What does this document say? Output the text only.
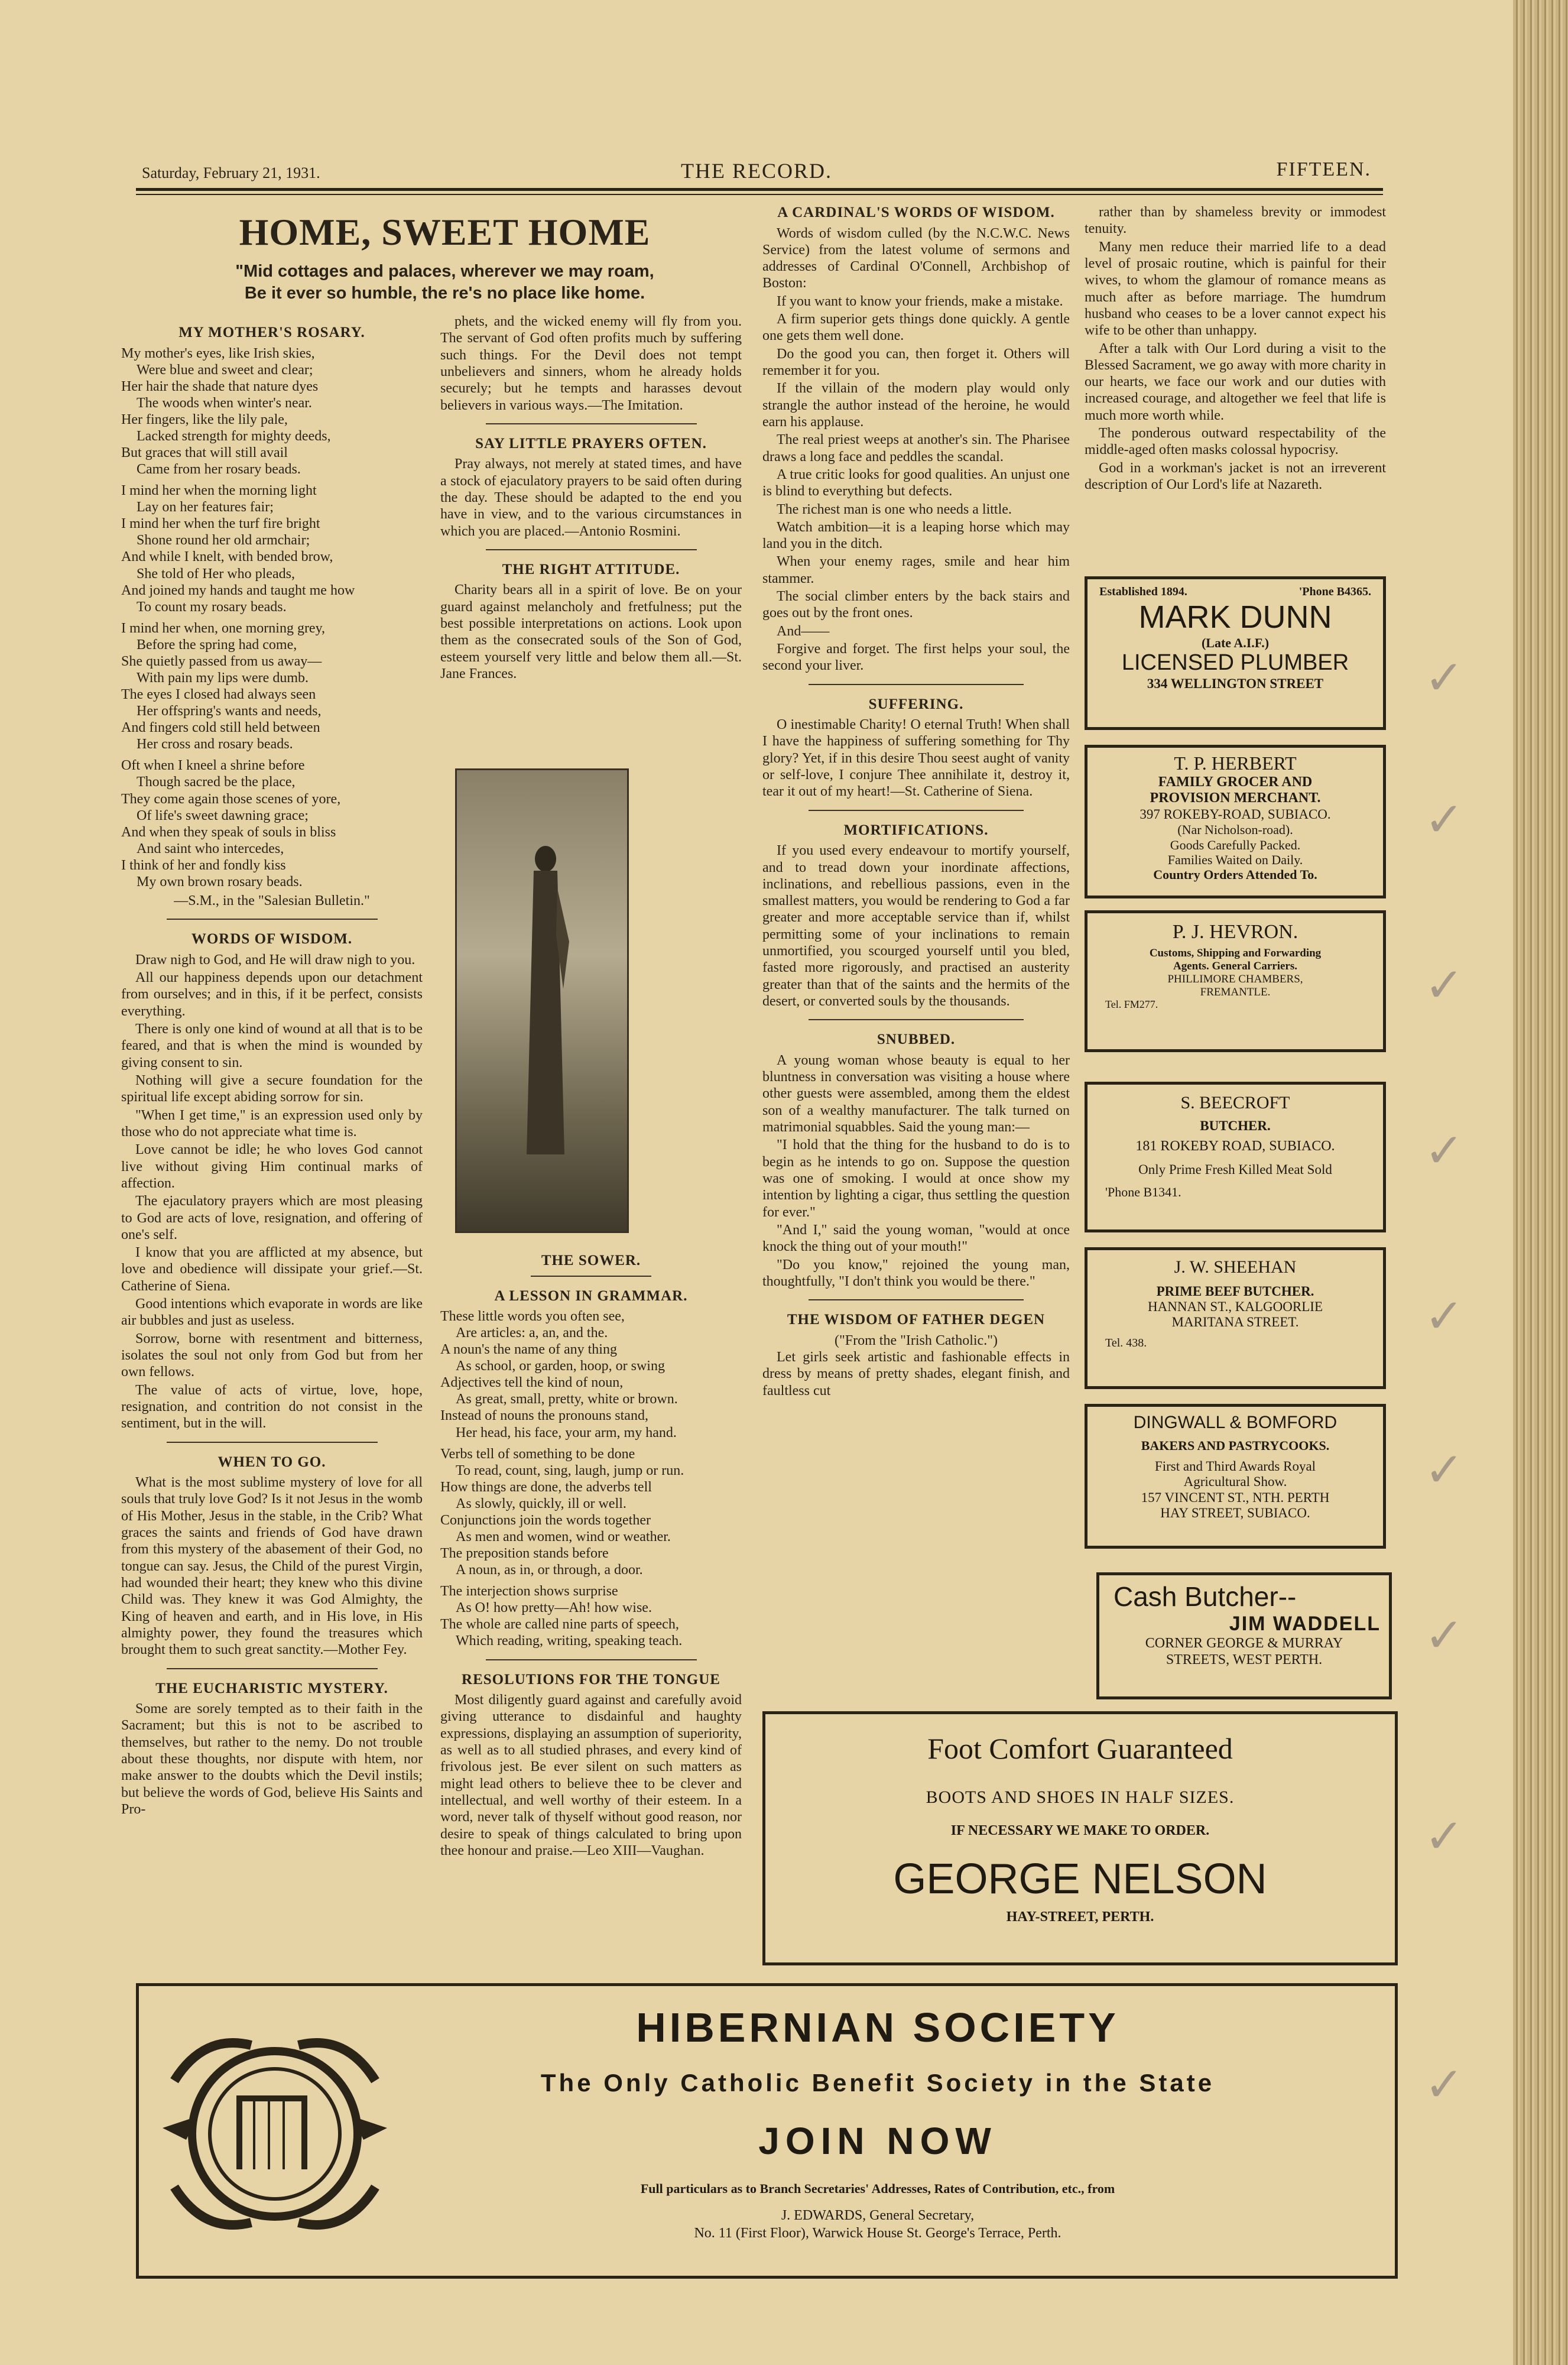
Saturday, February 21, 1931.	THE RECORD.	FIFTEEN.
HOME, SWEET HOME
"Mid cottages and palaces, wherever we may roam,
Be it ever so humble, the re's no place like home.
MY MOTHER'S ROSARY.
My mother's eyes, like Irish skies,
Were blue and sweet and clear;
Her hair the shade that nature dyes
The woods when winter's near.
Her fingers, like the lily pale,
Lacked strength for mighty deeds,
But graces that will still avail
Came from her rosary beads.
I mind her when the morning light
Lay on her features fair;
I mind her when the turf fire bright
Shone round her old armchair;
And while I knelt, with bended brow,
She told of Her who pleads,
And joined my hands and taught me how
To count my rosary beads.
I mind her when, one morning grey,
Before the spring had come,
She quietly passed from us away—
With pain my lips were dumb.
The eyes I closed had always seen
Her offspring's wants and needs,
And fingers cold still held between
Her cross and rosary beads.
Oft when I kneel a shrine before
Though sacred be the place,
They come again those scenes of yore,
Of life's sweet dawning grace;
And when they speak of souls in bliss
And saint who intercedes,
I think of her and fondly kiss
My own brown rosary beads.
—S.M., in the "Salesian Bulletin."
WORDS OF WISDOM.

Draw nigh to God, and He will draw nigh to you.

All our happiness depends upon our detachment from ourselves; and in this, if it be perfect, consists everything.

There is only one kind of wound at all that is to be feared, and that is when the mind is wounded by giving consent to sin.

Nothing will give a secure foundation for the spiritual life except abiding sorrow for sin.

"When I get time," is an expression used only by those who do not appreciate what time is.

Love cannot be idle; he who loves God cannot live without giving Him continual marks of affection.

The ejaculatory prayers which are most pleasing to God are acts of love, resignation, and offering of one's self.

I know that you are afflicted at my absence, but love and obedience will dissipate your grief.—St. Catherine of Siena.

Good intentions which evaporate in words are like air bubbles and just as useless.

Sorrow, borne with resentment and bitterness, isolates the soul not only from God but from her own fellows.

The value of acts of virtue, love, hope, resignation, and contrition do not consist in the sentiment, but in the will.

WHEN TO GO.

What is the most sublime mystery of love for all souls that truly love God? Is it not Jesus in the womb of His Mother, Jesus in the stable, in the Crib? What graces the saints and friends of God have drawn from this mystery of the abasement of their God, no tongue can say. Jesus, the Child of the purest Virgin, had wounded their heart; they knew who this divine Child was. They knew it was God Almighty, the King of heaven and earth, and in His love, in His almighty power, they found the treasures which brought them to such great sanctity.—Mother Fey.

THE EUCHARISTIC MYSTERY.

Some are sorely tempted as to their faith in the Sacrament; but this is not to be ascribed to themselves, but rather to the nemy. Do not trouble about these thoughts, nor dispute with htem, nor make answer to the doubts which the Devil instils; but believe the words of God, believe His Saints and Pro-

phets, and the wicked enemy will fly from you. The servant of God often profits much by suffering such things. For the Devil does not tempt unbelievers and sinners, whom he already holds securely; but he tempts and harasses devout believers in various ways.—The Imitation.

SAY LITTLE PRAYERS OFTEN.

Pray always, not merely at stated times, and have a stock of ejaculatory prayers to be said often during the day. These should be adapted to the end you have in view, and to the various circumstances in which you are placed.—Antonio Rosmini.

THE RIGHT ATTITUDE.

Charity bears all in a spirit of love. Be on your guard against melancholy and fretfulness; put the best possible interpretations on actions. Look upon them as the consecrated souls of the Son of God, esteem yourself very little and below them all.—St. Jane Frances.

THE SOWER.
A LESSON IN GRAMMAR.
These little words you often see,
Are articles: a, an, and the.
A noun's the name of any thing
As school, or garden, hoop, or swing
Adjectives tell the kind of noun,
As great, small, pretty, white or brown.
Instead of nouns the pronouns stand,
Her head, his face, your arm, my hand.
Verbs tell of something to be done
To read, count, sing, laugh, jump or run.
How things are done, the adverbs tell
As slowly, quickly, ill or well.
Conjunctions join the words together
As men and women, wind or weather.
The preposition stands before
A noun, as in, or through, a door.
The interjection shows surprise
As O! how pretty—Ah! how wise.
The whole are called nine parts of speech,
Which reading, writing, speaking teach.
RESOLUTIONS FOR THE TONGUE

Most diligently guard against and carefully avoid giving utterance to disdainful and haughty expressions, displaying an assumption of superiority, as well as to all studied phrases, and every kind of frivolous jest. Be ever silent on such matters as might lead others to believe thee to be clever and intellectual, and well worthy of their esteem. In a word, never talk of thyself without good reason, nor desire to speak of things calculated to bring upon thee honour and praise.—Leo XIII—Vaughan.

A CARDINAL'S WORDS OF WISDOM.

Words of wisdom culled (by the N.C.W.C. News Service) from the latest volume of sermons and addresses of Cardinal O'Connell, Archbishop of Boston:

If you want to know your friends, make a mistake.

A firm superior gets things done quickly. A gentle one gets them well done.

Do the good you can, then forget it. Others will remember it for you.

If the villain of the modern play would only strangle the author instead of the heroine, he would earn his applause.

The real priest weeps at another's sin. The Pharisee draws a long face and peddles the scandal.

A true critic looks for good qualities. An unjust one is blind to everything but defects.

The richest man is one who needs a little.

Watch ambition—it is a leaping horse which may land you in the ditch.

When your enemy rages, smile and hear him stammer.

The social climber enters by the back stairs and goes out by the front ones.

And——

Forgive and forget. The first helps your soul, the second your liver.

SUFFERING.

O inestimable Charity! O eternal Truth! When shall I have the happiness of suffering something for Thy glory? Yet, if in this desire Thou seest aught of vanity or self-love, I conjure Thee annihilate it, destroy it, tear it out of my heart!—St. Catherine of Siena.

MORTIFICATIONS.

If you used every endeavour to mortify yourself, and to tread down your inordinate affections, inclinations, and rebellious passions, even in the smallest matters, you would be rendering to God a far greater and more acceptable service than if, whilst permitting some of your inclinations to remain unmortified, you scourged yourself until you bled, fasted more rigorously, and practised an austerity greater than that of the saints and the hermits of the desert, or converted souls by the thousands.

SNUBBED.

A young woman whose beauty is equal to her bluntness in conversation was visiting a house where other guests were assembled, among them the eldest son of a wealthy manufacturer. The talk turned on matrimonial squabbles. Said the young man:—

"I hold that the thing for the husband to do is to begin as he intends to go on. Suppose the question was one of smoking. I would at once show my intention by lighting a cigar, thus settling the question for ever."

"And I," said the young woman, "would at once knock the thing out of your mouth!"

"Do you know," rejoined the young man, thoughtfully, "I don't think you would be there."

THE WISDOM OF FATHER DEGEN
("From the "Irish Catholic.")

Let girls seek artistic and fashionable effects in dress by means of pretty shades, elegant finish, and faultless cut

rather than by shameless brevity or immodest tenuity.

Many men reduce their married life to a dead level of prosaic routine, which is painful for their wives, to whom the glamour of romance means as much after as before marriage. The humdrum husband who ceases to be a lover cannot expect his wife to be other than unhappy.

After a talk with Our Lord during a visit to the Blessed Sacrament, we go away with more charity in our hearts, we face our work and our duties with increased courage, and altogether we feel that life is much more worth while.

The ponderous outward respectability of the middle-aged often masks colossal hypocrisy.

God in a workman's jacket is not an irreverent description of Our Lord's life at Nazareth.

Established 1894.	'Phone B4365.
MARK DUNN
(Late A.I.F.)
LICENSED PLUMBER
334 WELLINGTON STREET
T. P. HERBERT
FAMILY GROCER AND
PROVISION MERCHANT.
397 ROKEBY-ROAD, SUBIACO.
(Nar Nicholson-road).
Goods Carefully Packed.
Families Waited on Daily.
Country Orders Attended To.
P. J. HEVRON.
Customs, Shipping and Forwarding
Agents. General Carriers.
PHILLIMORE CHAMBERS,
FREMANTLE.
Tel. FM277.
S. BEECROFT
BUTCHER.
181 ROKEBY ROAD, SUBIACO.
Only Prime Fresh Killed Meat Sold
'Phone B1341.
J. W. SHEEHAN
PRIME BEEF BUTCHER.
HANNAN ST., KALGOORLIE
MARITANA STREET.
Tel. 438.
DINGWALL & BOMFORD
BAKERS AND PASTRYCOOKS.
First and Third Awards Royal
Agricultural Show.
157 VINCENT ST., NTH. PERTH
HAY STREET, SUBIACO.
Cash Butcher--
JIM WADDELL
CORNER GEORGE & MURRAY
STREETS, WEST PERTH.
Foot Comfort Guaranteed
BOOTS AND SHOES IN HALF SIZES.
IF NECESSARY WE MAKE TO ORDER.
GEORGE NELSON
HAY-STREET, PERTH.
HIBERNIAN SOCIETY
The Only Catholic Benefit Society in the State
JOIN NOW
Full particulars as to Branch Secretaries' Addresses, Rates of Contribution, etc., from
J. EDWARDS, General Secretary,
No. 11 (First Floor), Warwick House St. George's Terrace, Perth.
✓
✓
✓
✓
✓
✓
✓
✓
✓
